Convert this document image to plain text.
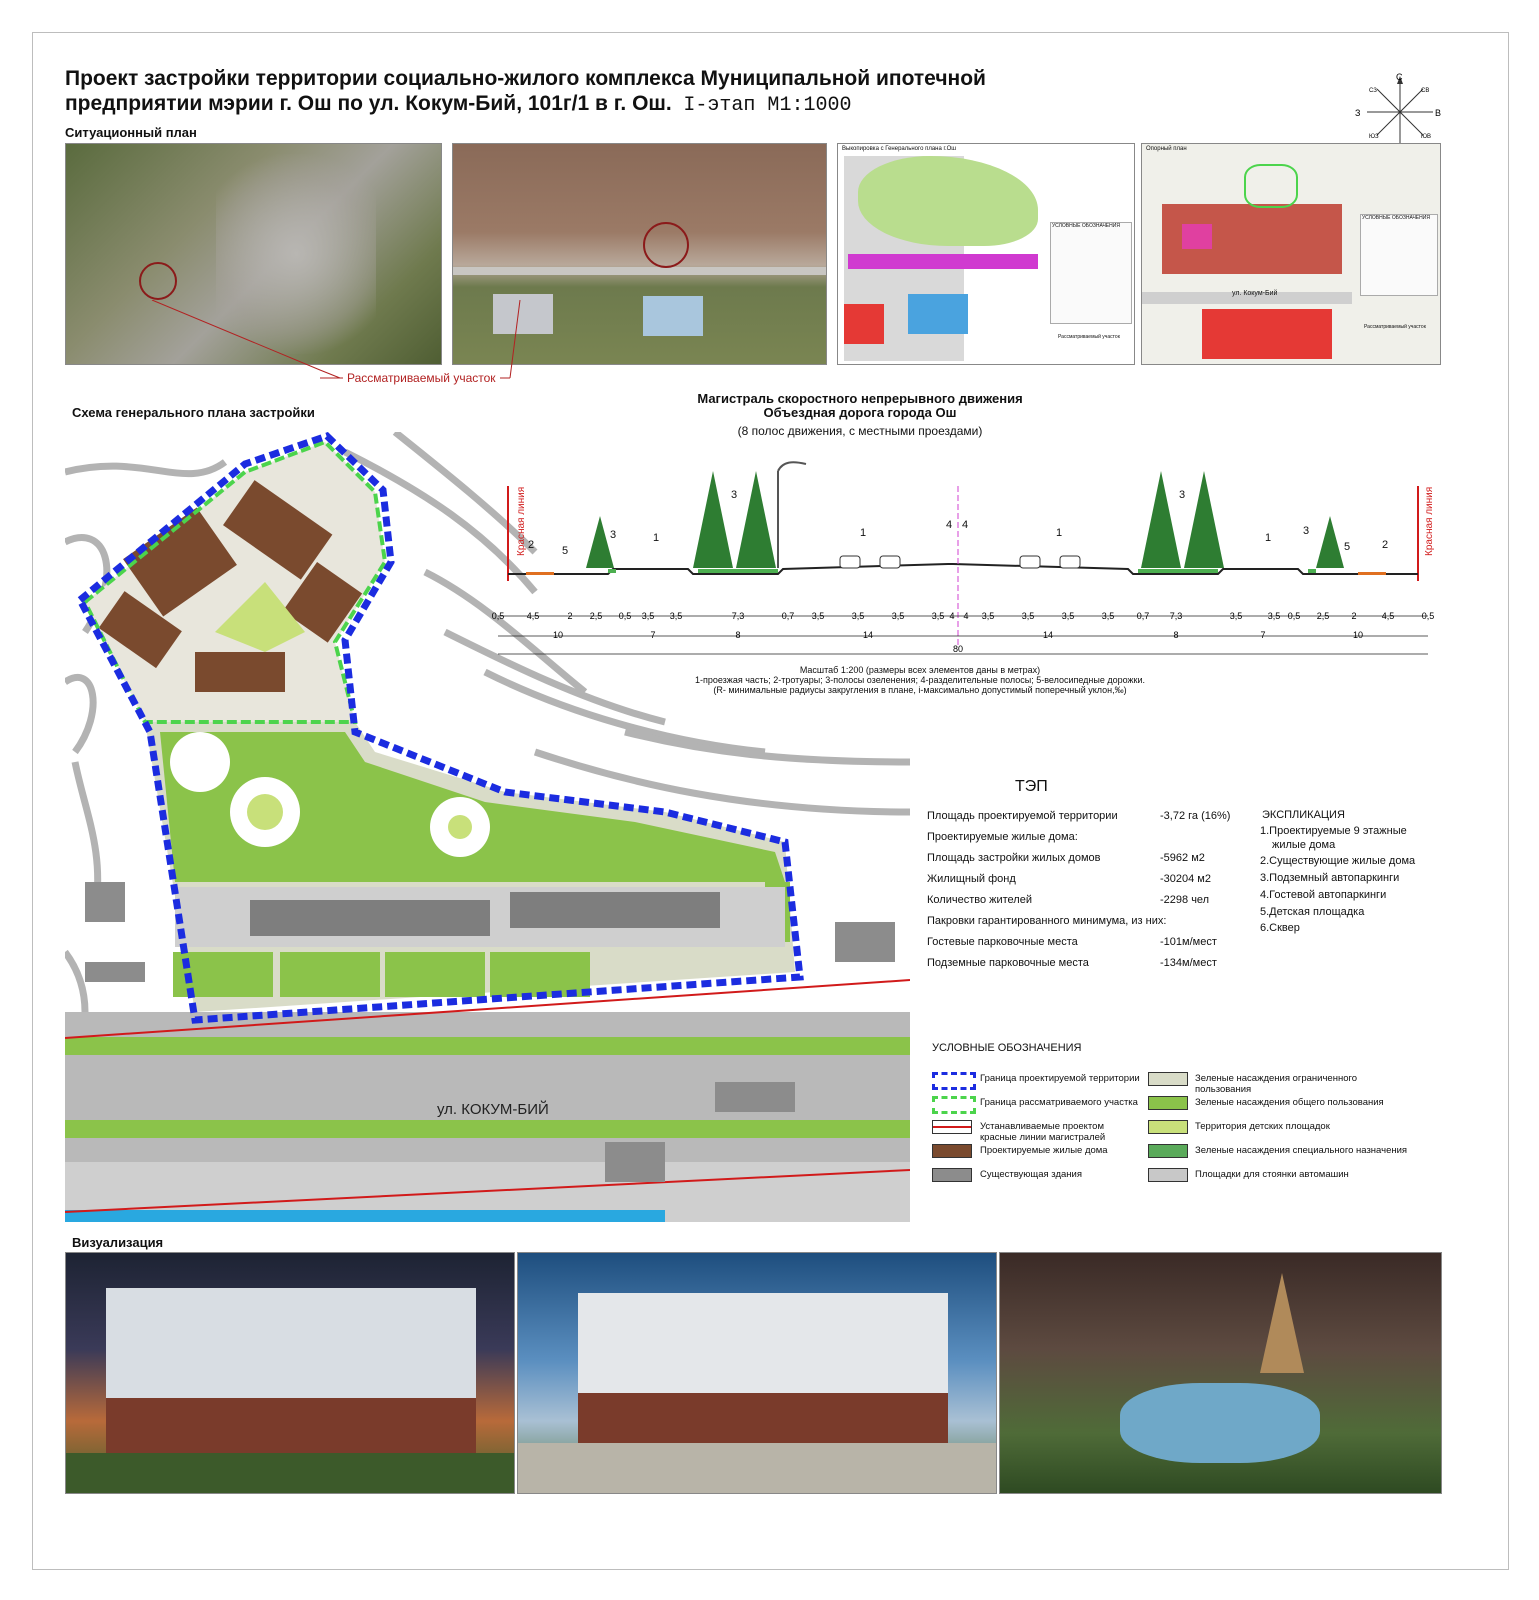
Проект застройки территории социально-жилого комплекса Муниципальной ипотечной
предприятии мэрии г. Ош по ул. Кокум-Бий, 101г/1 в г. Ош. I-этап М1:1000
С
З	В
СЗ	СВ
ЮЗ	ЮВ
Ситуационный план
Рассматриваемый участок
Выкопировка с Генерального плана г.Ош
УСЛОВНЫЕ ОБОЗНАЧЕНИЯ
Рассматриваемый участок
Опорный план
ул. Кокум-Бий
УСЛОВНЫЕ ОБОЗНАЧЕНИЯ
Рассматриваемый участок
Схема генерального плана застройки
ул. КОКУМ-БИЙ
Магистраль скоростного непрерывного движения
Объездная дорога города Ош
(8 полос движения, с местными проездами)
Красная линия	Красная линия
1	1
4 4
1	1
3	3
3	3
2	2
5	5
0,5 4,5	2 2,5 0,5 3,5 3,5	7,3	0,7 3,5	3,5	3,5	3,5 4 4 3,5	3,5	3,5	3,5 0,7 7,3	3,5	3,5 0,5 2,5 2	4,5	0,5
10	7	8	14	14	8	7	10
80
Масштаб 1:200 (размеры всех элементов даны в метрах)
1-проезжая часть; 2-тротуары; 3-полосы озеленения; 4-разделительные полосы; 5-велосипедные дорожки.
(R- минимальные радиусы закругления в плане, i-максимально допустимый поперечный уклон,‰)
ТЭП
Площадь проектируемой территории	-3,72 га (16%)
Проектируемые жилые дома:
Площадь застройки жилых домов	-5962 м2
Жилищный фонд	-30204 м2
Количество жителей	-2298 чел
Пакровки гарантированного минимума, из них:
Гостевые парковочные места	-101м/мест
Подземные парковочные места	-134м/мест
ЭКСПЛИКАЦИЯ
1.Проектируемые 9 этажные
жилые дома
2.Существующие жилые дома
3.Подземный автопаркинги
4.Гостевой автопаркинги
5.Детская площадка
6.Сквер
УСЛОВНЫЕ ОБОЗНАЧЕНИЯ
Граница проектируемой территории
Граница рассматриваемого участка
Устанавливаемые проектом красные линии магистралей
Проектируемые жилые дома
Существующая здания
Зеленые насаждения ограниченного пользования
Зеленые насаждения общего пользования
Территория детских площадок
Зеленые насаждения специального назначения
Площадки для стоянки автомашин
Визуализация
